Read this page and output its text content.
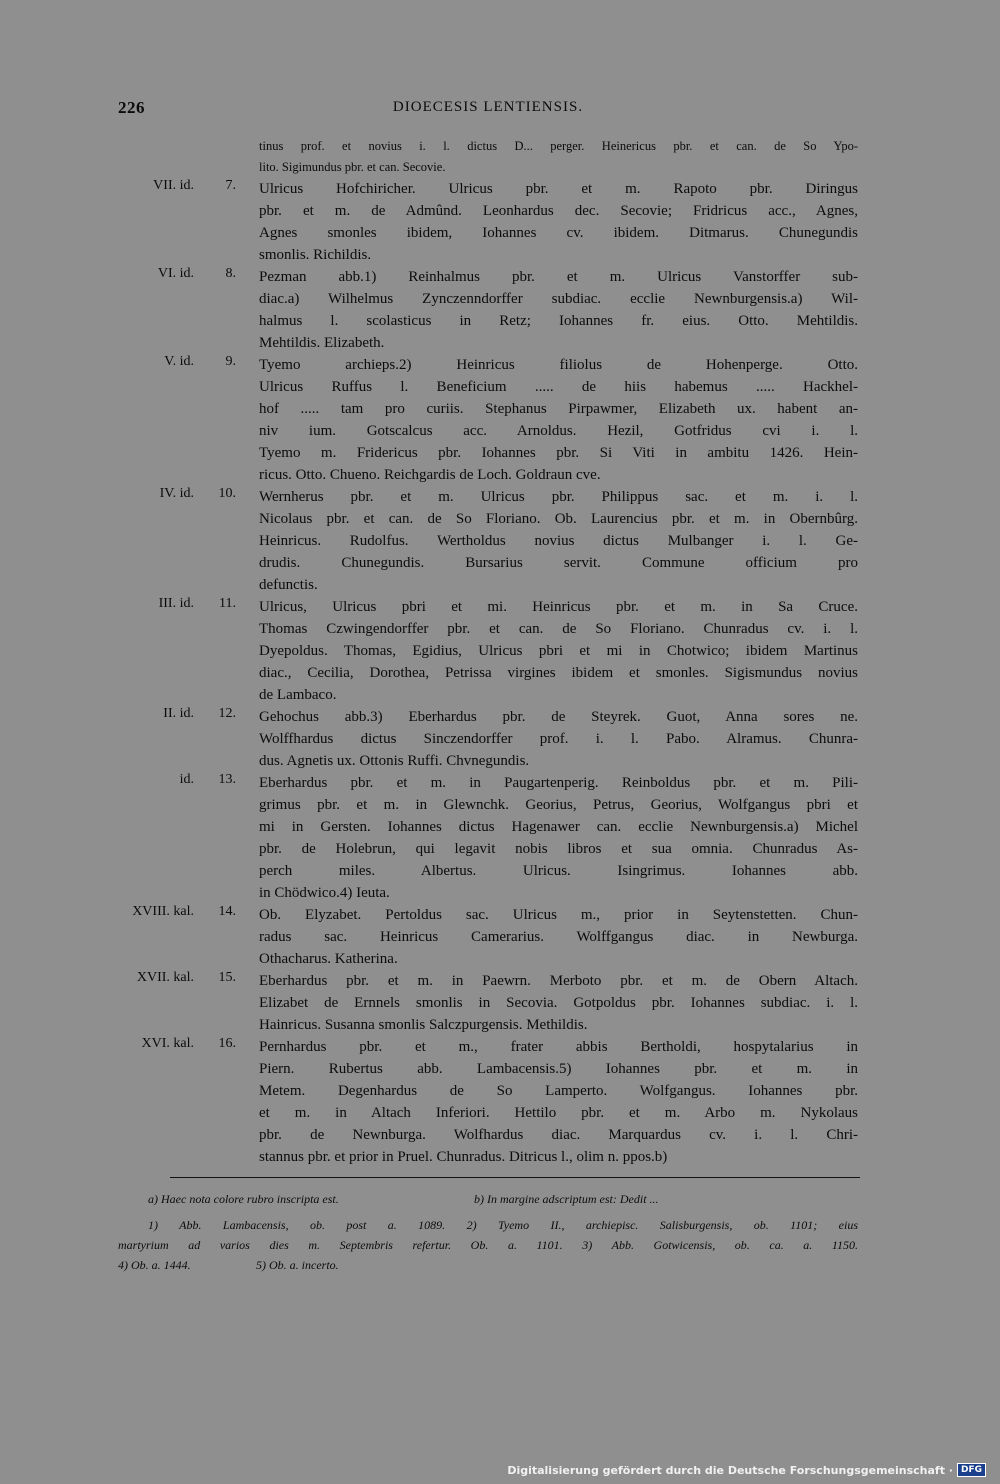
226	DIOECESIS LENTIENSIS.
tinus prof. et novius i. l. dictus D... perger. Heinericus pbr. et can. de So Ypo-
lito. Sigimundus pbr. et can. Secovie.
VII. id.	7. Ulricus Hofchiricher. Ulricus pbr. et m. Rapoto pbr. Diringus
pbr. et m. de Admûnd. Leonhardus dec. Secovie; Fridricus acc., Agnes,
Agnes smonles ibidem, Iohannes cv. ibidem. Ditmarus. Chunegundis
smonlis. Richildis.
VI. id.	8. Pezman abb.1) Reinhalmus pbr. et m. Ulricus Vanstorffer sub-
diac.a) Wilhelmus Zynczenndorffer subdiac. ecclie Newnburgensis.a) Wil-
halmus l. scolasticus in Retz; Iohannes fr. eius. Otto. Mehtildis.
Mehtildis. Elizabeth.
V. id.	9. Tyemo archieps.2) Heinricus filiolus de Hohenperge. Otto.
Ulricus Ruffus l. Beneficium ..... de hiis habemus ..... Hackhel-
hof ..... tam pro curiis. Stephanus Pirpawmer, Elizabeth ux. habent an-
niv ium. Gotscalcus acc. Arnoldus. Hezil, Gotfridus cvi i. l.
Tyemo m. Fridericus pbr. Iohannes pbr. Si Viti in ambitu 1426. Hein-
ricus. Otto. Chueno. Reichgardis de Loch. Goldraun cve.
IV. id.	10. Wernherus pbr. et m. Ulricus pbr. Philippus sac. et m. i. l.
Nicolaus pbr. et can. de So Floriano. Ob. Laurencius pbr. et m. in Obernbûrg.
Heinricus. Rudolfus. Wertholdus novius dictus Mulbanger i. l. Ge-
drudis. Chunegundis. Bursarius servit. Commune officium pro
defunctis.
III. id.	11. Ulricus, Ulricus pbri et mi. Heinricus pbr. et m. in Sa Cruce.
Thomas Czwingendorffer pbr. et can. de So Floriano. Chunradus cv. i. l.
Dyepoldus. Thomas, Egidius, Ulricus pbri et mi in Chotwico; ibidem Martinus
diac., Cecilia, Dorothea, Petrissa virgines ibidem et smonles. Sigismundus novius
de Lambaco.
II. id.	12. Gehochus abb.3) Eberhardus pbr. de Steyrek. Guot, Anna sores ne.
Wolffhardus dictus Sinczendorffer prof. i. l. Pabo. Alramus. Chunra-
dus. Agnetis ux. Ottonis Ruffi. Chvnegundis.
id.	13. Eberhardus pbr. et m. in Paugartenperig. Reinboldus pbr. et m. Pili-
grimus pbr. et m. in Glewnchk. Georius, Petrus, Georius, Wolfgangus pbri et
mi in Gersten. Iohannes dictus Hagenawer can. ecclie Newnburgensis.a) Michel
pbr. de Holebrun, qui legavit nobis libros et sua omnia. Chunradus As-
perch miles. Albertus. Ulricus. Isingrimus. Iohannes abb.
in Chödwico.4) Ieuta.
XVIII. kal.	14. Ob. Elyzabet. Pertoldus sac. Ulricus m., prior in Seytenstetten. Chun-
radus sac. Heinricus Camerarius. Wolffgangus diac. in Newburga.
Othacharus. Katherina.
XVII. kal.	15. Eberhardus pbr. et m. in Paewrn. Merboto pbr. et m. de Obern Altach.
Elizabet de Ernnels smonlis in Secovia. Gotpoldus pbr. Iohannes subdiac. i. l.
Hainricus. Susanna smonlis Salczpurgensis. Methildis.
XVI. kal.	16. Pernhardus pbr. et m., frater abbis Bertholdi, hospytalarius in
Piern. Rubertus abb. Lambacensis.5) Iohannes pbr. et m. in
Metem. Degenhardus de So Lamperto. Wolfgangus. Iohannes pbr.
et m. in Altach Inferiori. Hettilo pbr. et m. Arbo m. Nykolaus
pbr. de Newnburga. Wolfhardus diac. Marquardus cv. i. l. Chri-
stannus pbr. et prior in Pruel. Chunradus. Ditricus l., olim n. ppos.b)
a) Haec nota colore rubro inscripta est.	b) In margine adscriptum est: Dedit ...
1) Abb. Lambacensis, ob. post a. 1089. 2) Tyemo II., archiepisc. Salisburgensis, ob. 1101; eius
martyrium ad varios dies m. Septembris refertur. Ob. a. 1101. 3) Abb. Gotwicensis, ob. ca. a. 1150.
4) Ob. a. 1444.	5) Ob. a. incerto.
Digitalisierung gefördert durch die Deutsche Forschungsgemeinschaft · DFG
